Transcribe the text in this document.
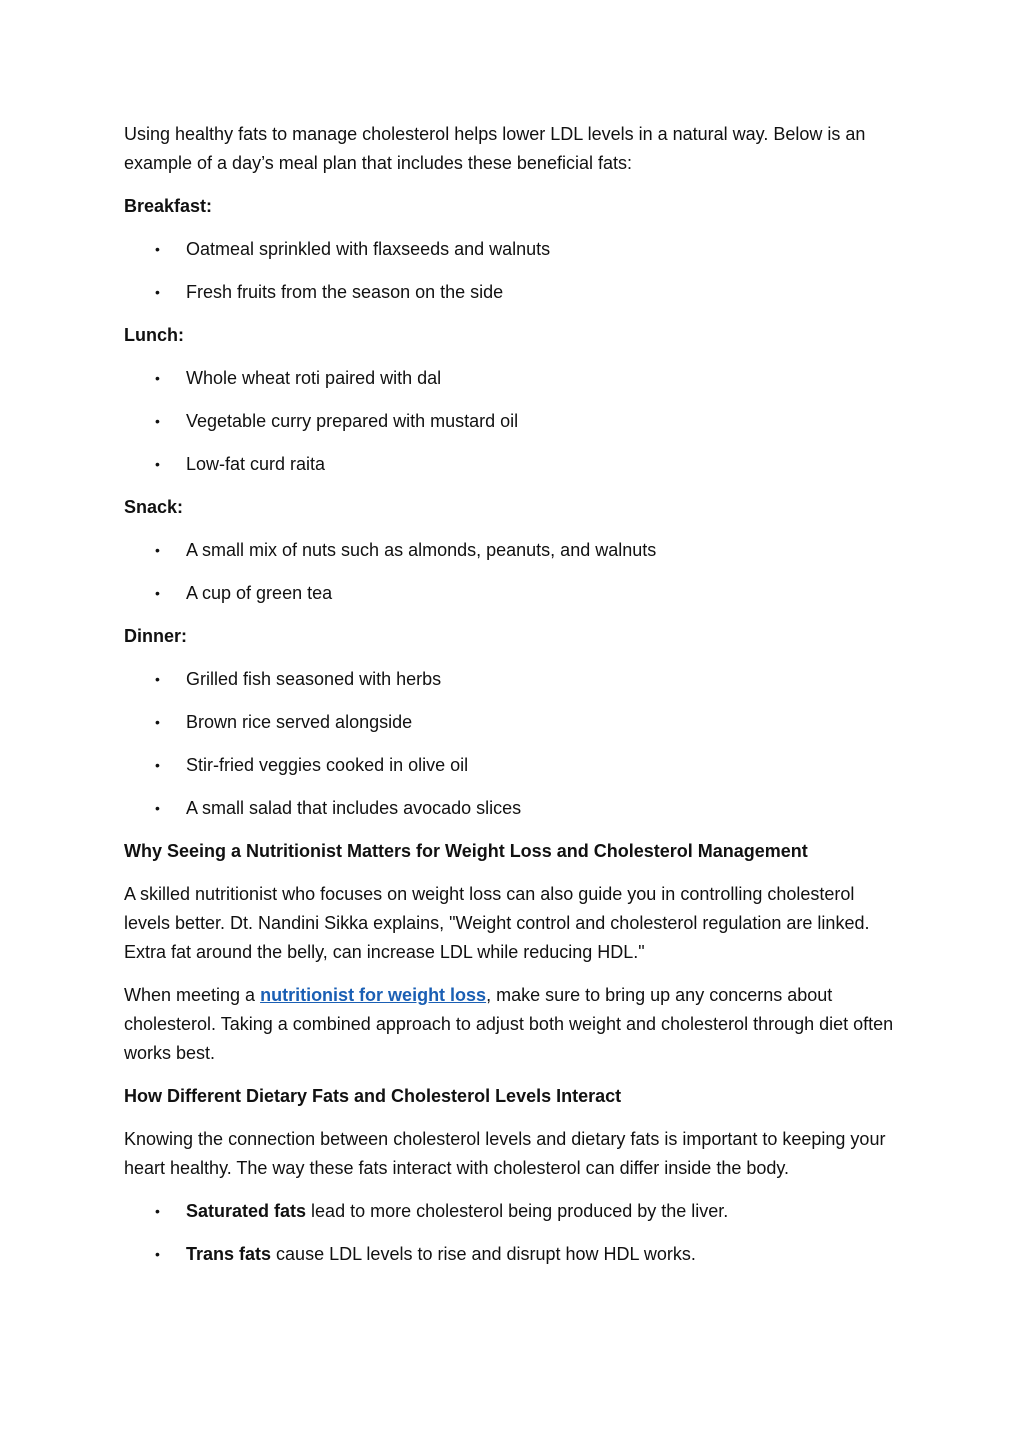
Using healthy fats to manage cholesterol helps lower LDL levels in a natural way. Below is an example of a day’s meal plan that includes these beneficial fats:

Breakfast:
• Oatmeal sprinkled with flaxseeds and walnuts
• Fresh fruits from the season on the side
Lunch:
• Whole wheat roti paired with dal
• Vegetable curry prepared with mustard oil
• Low-fat curd raita
Snack:
• A small mix of nuts such as almonds, peanuts, and walnuts
• A cup of green tea
Dinner:
• Grilled fish seasoned with herbs
• Brown rice served alongside
• Stir-fried veggies cooked in olive oil
• A small salad that includes avocado slices
Why Seeing a Nutritionist Matters for Weight Loss and Cholesterol Management

A skilled nutritionist who focuses on weight loss can also guide you in controlling cholesterol levels better. Dt. Nandini Sikka explains, "Weight control and cholesterol regulation are linked. Extra fat around the belly, can increase LDL while reducing HDL."

When meeting a nutritionist for weight loss, make sure to bring up any concerns about cholesterol. Taking a combined approach to adjust both weight and cholesterol through diet often works best.

How Different Dietary Fats and Cholesterol Levels Interact

Knowing the connection between cholesterol levels and dietary fats is important to keeping your heart healthy. The way these fats interact with cholesterol can differ inside the body.

• Saturated fats lead to more cholesterol being produced by the liver.
• Trans fats cause LDL levels to rise and disrupt how HDL works.
